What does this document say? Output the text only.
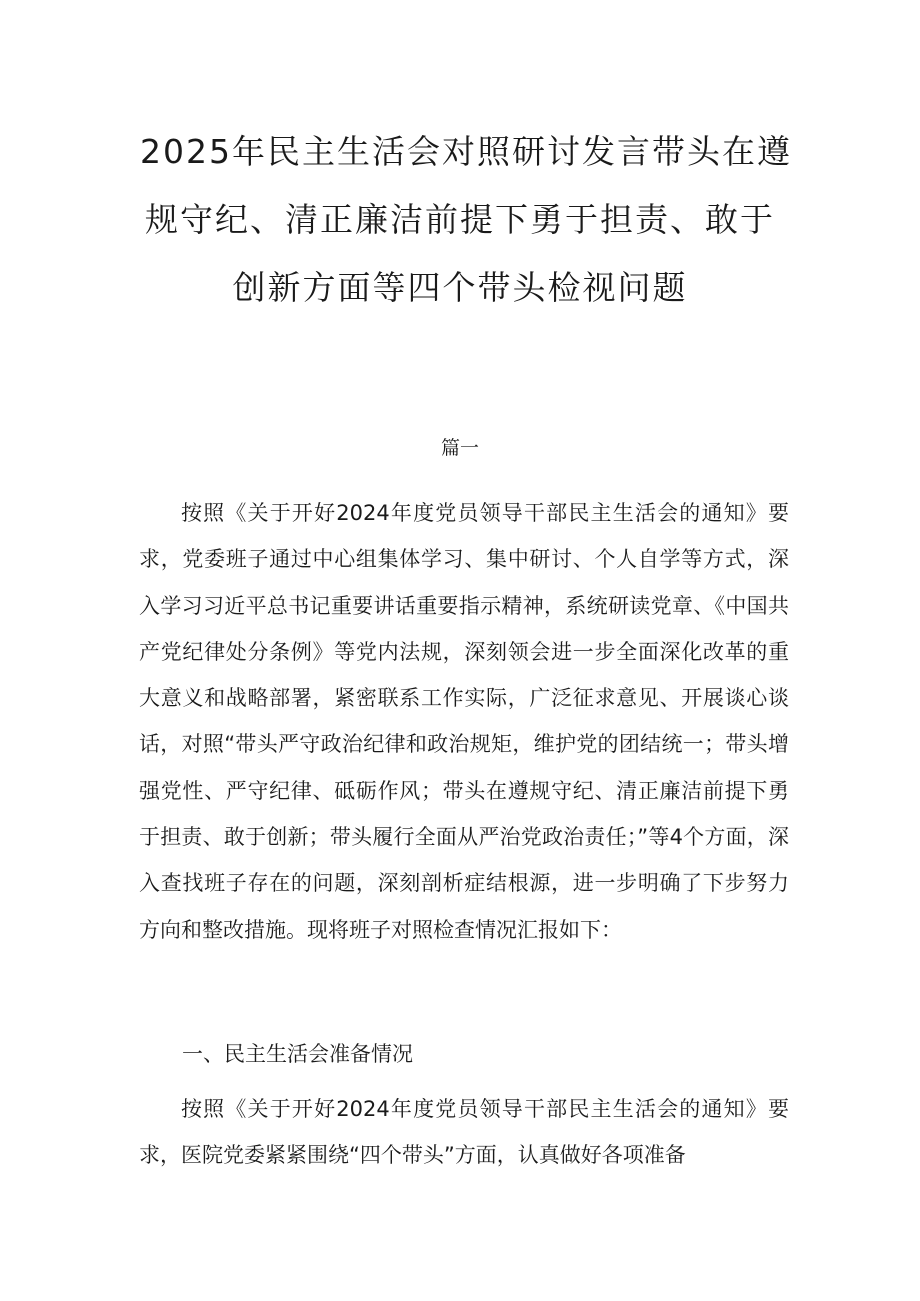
2025年民主生活会对照研讨发言带头在遵
规守纪、清正廉洁前提下勇于担责、敢于
创新方面等四个带头检视问题
篇一

按照《关于开好2024年度党员领导干部民主生活会的通知》要求，党委班子通过中心组集体学习、集中研讨、个人自学等方式，深入学习习近平总书记重要讲话重要指示精神，系统研读党章、《中国共产党纪律处分条例》等党内法规，深刻领会进一步全面深化改革的重大意义和战略部署，紧密联系工作实际，广泛征求意见、开展谈心谈话，对照“带头严守政治纪律和政治规矩，维护党的团结统一；带头增强党性、严守纪律、砥砺作风；带头在遵规守纪、清正廉洁前提下勇于担责、敢于创新；带头履行全面从严治党政治责任；”等4个方面，深入查找班子存在的问题，深刻剖析症结根源，进一步明确了下步努力方向和整改措施。现将班子对照检查情况汇报如下：

一、民主生活会准备情况

按照《关于开好2024年度党员领导干部民主生活会的通知》要求，医院党委紧紧围绕“四个带头”方面，认真做好各项准备
